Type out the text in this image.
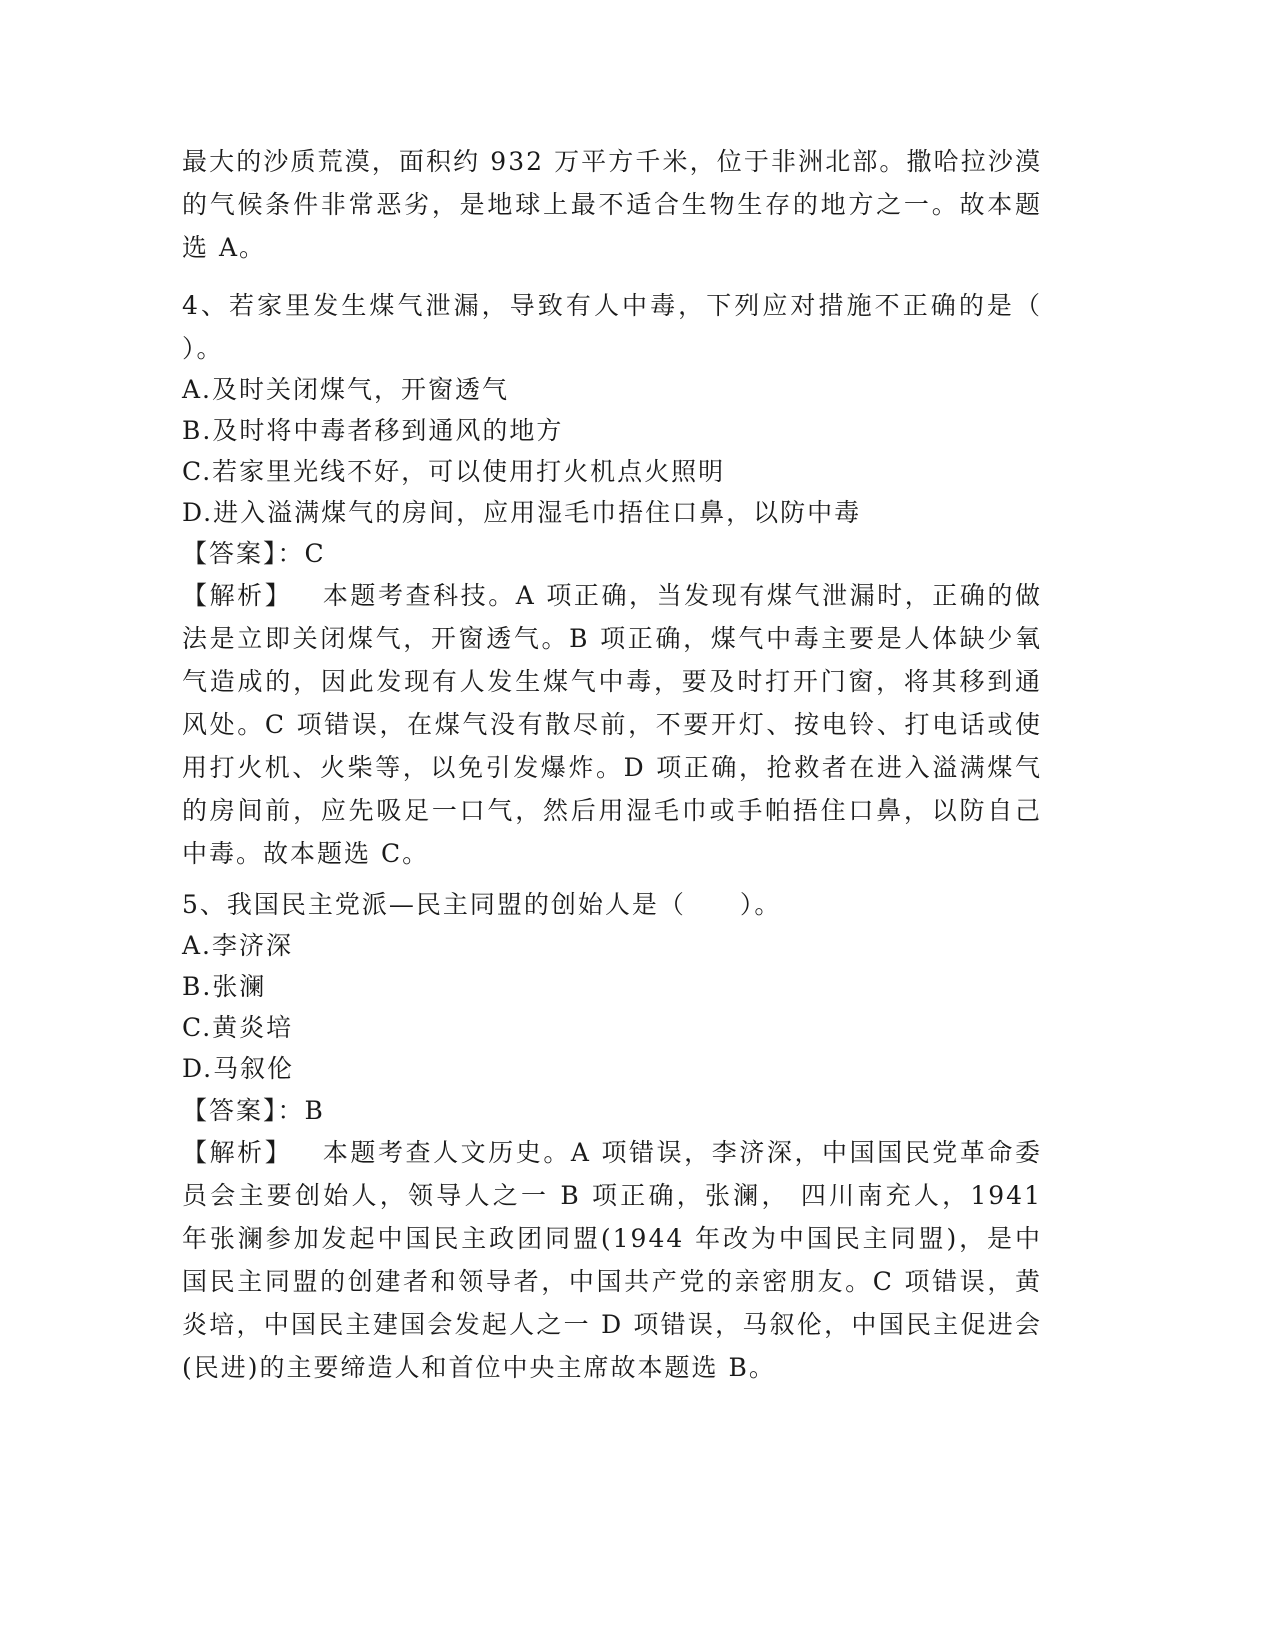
最大的沙质荒漠，面积约 932 万平方千米，位于非洲北部。撒哈拉沙漠的气候条件非常恶劣，是地球上最不适合生物生存的地方之一。故本题选 A。

4、若家里发生煤气泄漏，导致有人中毒，下列应对措施不正确的是（ ）。

A.及时关闭煤气，开窗透气

B.及时将中毒者移到通风的地方

C.若家里光线不好，可以使用打火机点火照明

D.进入溢满煤气的房间，应用湿毛巾捂住口鼻，以防中毒

【答案】：C

【解析】 本题考查科技。A 项正确，当发现有煤气泄漏时，正确的做法是立即关闭煤气，开窗透气。B 项正确，煤气中毒主要是人体缺少氧气造成的，因此发现有人发生煤气中毒，要及时打开门窗，将其移到通风处。C 项错误，在煤气没有散尽前，不要开灯、按电铃、打电话或使用打火机、火柴等，以免引发爆炸。D 项正确，抢救者在进入溢满煤气的房间前，应先吸足一口气，然后用湿毛巾或手帕捂住口鼻，以防自己中毒。故本题选 C。

5、我国民主党派—民主同盟的创始人是（　　）。

A.李济深

B.张澜

C.黄炎培

D.马叙伦

【答案】：B

【解析】 本题考查人文历史。A 项错误，李济深，中国国民党革命委员会主要创始人，领导人之一 B 项正确，张澜， 四川南充人，1941 年张澜参加发起中国民主政团同盟(1944 年改为中国民主同盟)，是中国民主同盟的创建者和领导者，中国共产党的亲密朋友。C 项错误，黄炎培，中国民主建国会发起人之一 D 项错误，马叙伦，中国民主促进会(民进)的主要缔造人和首位中央主席故本题选 B。
